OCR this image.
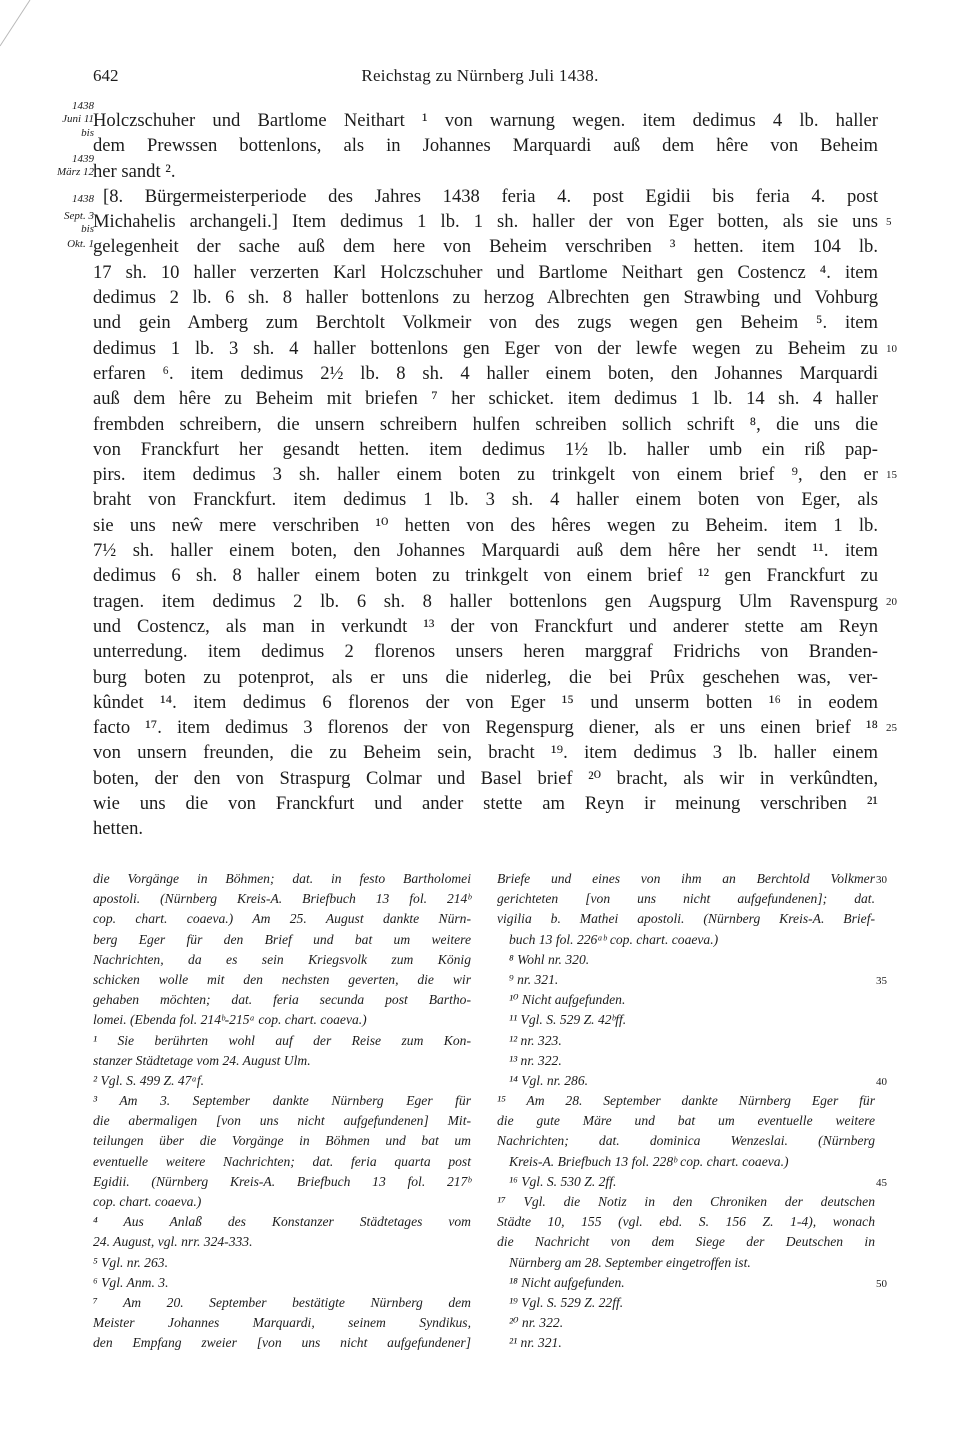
642	Reichstag zu Nürnberg Juli 1438.
1438
Juni 11
bis
1439
März 12
1438
Sept. 3
bis
Okt. 1
Holczschuher und Bartlome Neithart ¹ von warnung wegen. item dedimus 4 lb. haller
dem Prewssen bottenlons, als in Johannes Marquardi auß dem hêre von Beheim
her sandt ².
[8. Bürgermeisterperiode des Jahres 1438 feria 4. post Egidii bis feria 4. post
Michahelis archangeli.] Item dedimus 1 lb. 1 sh. haller der von Eger botten, als sie uns
gelegenheit der sache auß dem here von Beheim verschriben ³ hetten. item 104 lb.
17 sh. 10 haller verzerten Karl Holczschuher und Bartlome Neithart gen Costencz ⁴. item
dedimus 2 lb. 6 sh. 8 haller bottenlons zu herzog Albrechten gen Strawbing und Vohburg
und gein Amberg zum Berchtolt Volkmeir von des zugs wegen gen Beheim ⁵. item
dedimus 1 lb. 3 sh. 4 haller bottenlons gen Eger von der lewfe wegen zu Beheim zu
erfaren ⁶. item dedimus 2½ lb. 8 sh. 4 haller einem boten, den Johannes Marquardi
auß dem hêre zu Beheim mit briefen ⁷ her schicket. item dedimus 1 lb. 14 sh. 4 haller
frembden schreibern, die unsern schreibern hulfen schreiben sollich schrift ⁸, die uns die
von Franckfurt her gesandt hetten. item dedimus 1½ lb. haller umb ein riß pap-
pirs. item dedimus 3 sh. haller einem boten zu trinkgelt von einem brief ⁹, den er
braht von Franckfurt. item dedimus 1 lb. 3 sh. 4 haller einem boten von Eger, als
sie uns neŵ mere verschriben ¹⁰ hetten von des hêres wegen zu Beheim. item 1 lb.
7½ sh. haller einem boten, den Johannes Marquardi auß dem hêre her sendt ¹¹. item
dedimus 6 sh. 8 haller einem boten zu trinkgelt von einem brief ¹² gen Franckfurt zu
tragen. item dedimus 2 lb. 6 sh. 8 haller bottenlons gen Augspurg Ulm Ravenspurg
und Costencz, als man in verkundt ¹³ der von Franckfurt und anderer stette am Reyn
unterredung. item dedimus 2 florenos unsers heren marggraf Fridrichs von Branden-
burg boten zu potenprot, als er uns die niderleg, die bei Prûx geschehen was, ver-
kûndet ¹⁴. item dedimus 6 florenos der von Eger ¹⁵ und unserm botten ¹⁶ in eodem
facto ¹⁷. item dedimus 3 florenos der von Regenspurg diener, als er uns einen brief ¹⁸
von unsern freunden, die zu Beheim sein, bracht ¹⁹. item dedimus 3 lb. haller einem
boten, der den von Straspurg Colmar und Basel brief ²⁰ bracht, als wir in verkûndten,
wie uns die von Franckfurt und ander stette am Reyn ir meinung verschriben ²¹
hetten.
5
10
15
20
25
die Vorgänge in Böhmen; dat. in festo Bartholomei
apostoli. (Nürnberg Kreis-A. Briefbuch 13 fol. 214ᵇ
cop. chart. coaeva.) Am 25. August dankte Nürn-
berg Eger für den Brief und bat um weitere
Nachrichten, da es sein Kriegsvolk zum König
schicken wolle mit den nechsten geverten, die wir
gehaben möchten; dat. feria secunda post Bartho-
lomei. (Ebenda fol. 214ᵇ-215ᵃ cop. chart. coaeva.)
¹ Sie berührten wohl auf der Reise zum Kon-
stanzer Städtetage vom 24. August Ulm.
² Vgl. S. 499 Z. 47ᵃf.
³ Am 3. September dankte Nürnberg Eger für
die abermaligen [von uns nicht aufgefundenen] Mit-
teilungen über die Vorgänge in Böhmen und bat um
eventuelle weitere Nachrichten; dat. feria quarta post
Egidii. (Nürnberg Kreis-A. Briefbuch 13 fol. 217ᵇ
cop. chart. coaeva.)
⁴ Aus Anlaß des Konstanzer Städtetages vom
24. August, vgl. nrr. 324-333.
⁵ Vgl. nr. 263.
⁶ Vgl. Anm. 3.
⁷ Am 20. September bestätigte Nürnberg dem
Meister Johannes Marquardi, seinem Syndikus,
den Empfang zweier [von uns nicht aufgefundener]
Briefe und eines von ihm an Berchtold Volkmer
gerichteten [von uns nicht aufgefundenen]; dat.
vigilia b. Mathei apostoli. (Nürnberg Kreis-A. Brief-
buch 13 fol. 226ᵃᵇ cop. chart. coaeva.)
⁸ Wohl nr. 320.
⁹ nr. 321.
¹⁰ Nicht aufgefunden.
¹¹ Vgl. S. 529 Z. 42ᵇff.
¹² nr. 323.
¹³ nr. 322.
¹⁴ Vgl. nr. 286.
¹⁵ Am 28. September dankte Nürnberg Eger für
die gute Märe und bat um eventuelle weitere
Nachrichten; dat. dominica Wenzeslai. (Nürnberg
Kreis-A. Briefbuch 13 fol. 228ᵇ cop. chart. coaeva.)
¹⁶ Vgl. S. 530 Z. 2ff.
¹⁷ Vgl. die Notiz in den Chroniken der deutschen
Städte 10, 155 (vgl. ebd. S. 156 Z. 1-4), wonach
die Nachricht von dem Siege der Deutschen in
Nürnberg am 28. September eingetroffen ist.
¹⁸ Nicht aufgefunden.
¹⁹ Vgl. S. 529 Z. 22ff.
²⁰ nr. 322.
²¹ nr. 321.
30
35
40
45
50
